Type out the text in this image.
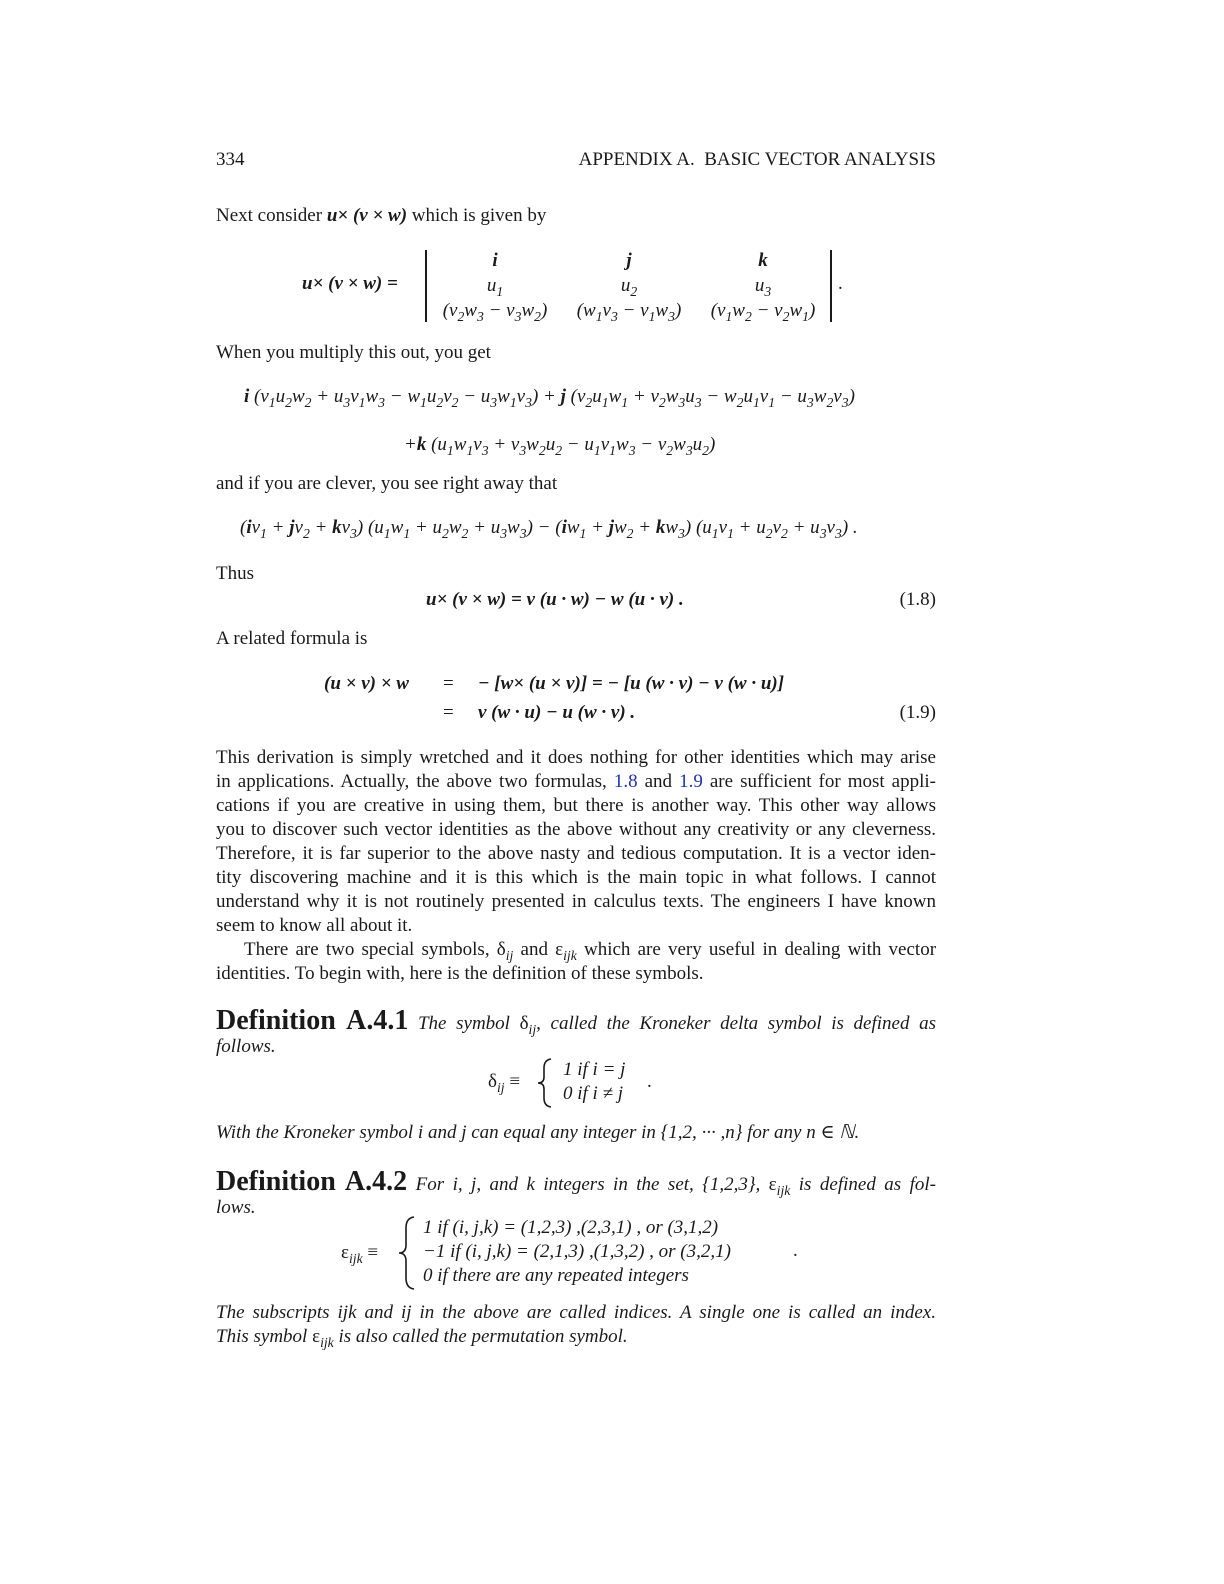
334	APPENDIX A.  BASIC VECTOR ANALYSIS
Next consider u× (v × w) which is given by
u× (v × w) =
i	j	k
$u_1$	$u_2$	$u_3$
$(v_2w_3 - v_3w_2)$	$(w_1v_3 - v_1w_3)$	$(v_1w_2 - v_2w_1)$
.
When you multiply this out, you get
i $(v_1u_2w_2 + u_3v_1w_3 - w_1u_2v_2 - u_3w_1v_3) + j$ $(v_2u_1w_1 + v_2w_3u_3 - w_2u_1v_1 - u_3w_2v_3)$
+k $(u_1w_1v_3 + v_3w_2u_2 - u_1v_1w_3 - v_2w_3u_2)$
and if you are clever, you see right away that
$(iv_1 + jv_2 + kv_3) (u_1w_1 + u_2w_2 + u_3w_3) - (iw_1 + jw_2 + kw_3) (u_1v_1 + u_2v_2 + u_3v_3)$ .
Thus
u× (v × w) = v (u · w) − w (u · v) .	(1.8)
A related formula is
(u × v) × w = − [w× (u × v)] = − [u (w · v) − v (w · u)]
= v (w · u) − u (w · v) .	(1.9)
This derivation is simply wretched and it does nothing for other identities which may arise
in applications. Actually, the above two formulas, 1.8 and 1.9 are sufficient for most appli-
cations if you are creative in using them, but there is another way. This other way allows
you to discover such vector identities as the above without any creativity or any cleverness.
Therefore, it is far superior to the above nasty and tedious computation. It is a vector iden-
tity discovering machine and it is this which is the main topic in what follows. I cannot
understand why it is not routinely presented in calculus texts. The engineers I have known
seem to know all about it.
There are two special symbols, $\delta_{ij}$ and $\varepsilon_{ijk}$ which are very useful in dealing with vector
identities. To begin with, here is the definition of these symbols.
Definition A.4.1 The symbol $\delta_{ij}$, called the Kroneker delta symbol is defined as
follows.
$\delta_{ij}$ ≡
1 if i = j
0 if i ≠ j
.
With the Kroneker symbol i and j can equal any integer in {1,2, ··· ,n} for any n ∈ ℕ.
Definition A.4.2 For i, j, and k integers in the set, {1,2,3}, $\varepsilon_{ijk}$ is defined as fol-
lows.
$\varepsilon_{ijk}$ ≡
1 if (i, j,k) = (1,2,3) ,(2,3,1) , or (3,1,2)
−1 if (i, j,k) = (2,1,3) ,(1,3,2) , or (3,2,1)
0 if there are any repeated integers
.
The subscripts ijk and ij in the above are called indices. A single one is called an index.
This symbol $\varepsilon_{ijk}$ is also called the permutation symbol.
